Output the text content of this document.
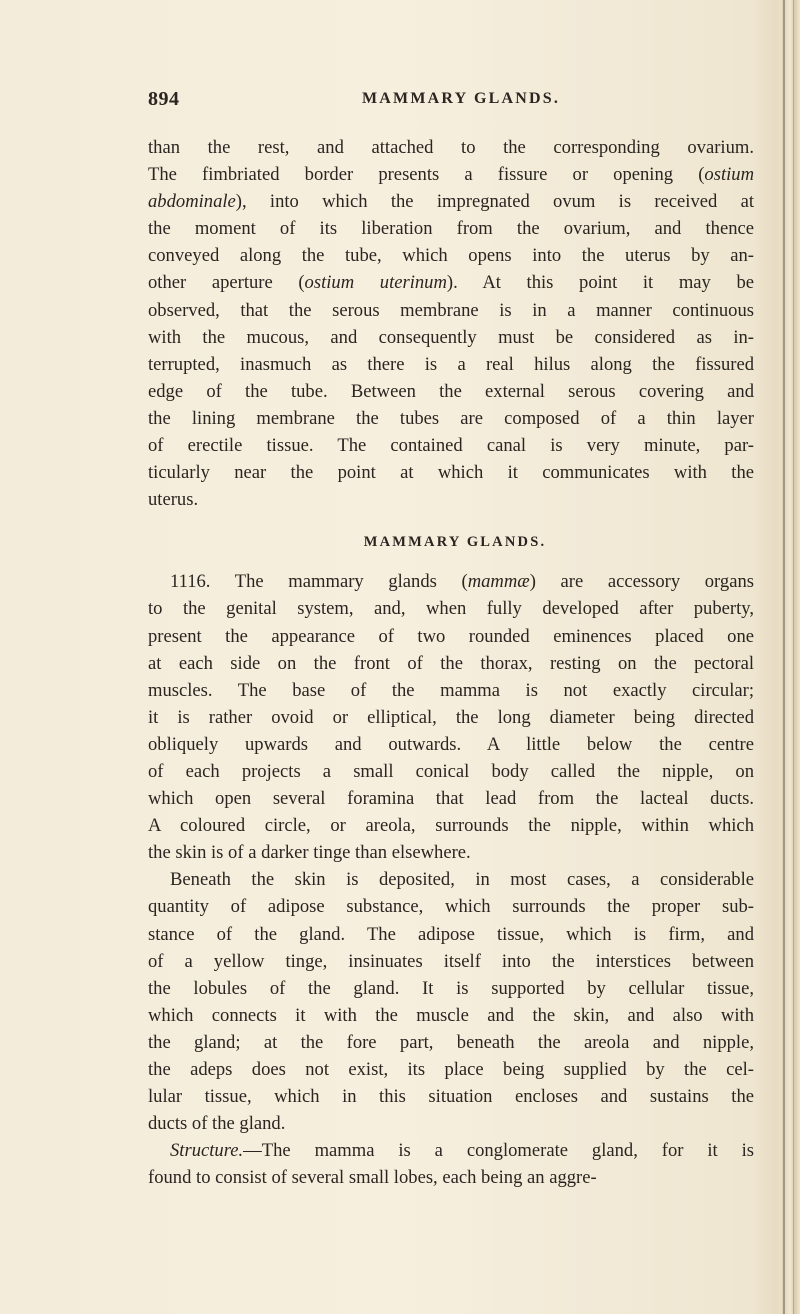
894	MAMMARY GLANDS.
than the rest, and attached to the corresponding ovarium.
The fimbriated border presents a fissure or opening (ostium
abdominale), into which the impregnated ovum is received at
the moment of its liberation from the ovarium, and thence
conveyed along the tube, which opens into the uterus by an-
other aperture (ostium uterinum). At this point it may be
observed, that the serous membrane is in a manner continuous
with the mucous, and consequently must be considered as in-
terrupted, inasmuch as there is a real hilus along the fissured
edge of the tube. Between the external serous covering and
the lining membrane the tubes are composed of a thin layer
of erectile tissue. The contained canal is very minute, par-
ticularly near the point at which it communicates with the
uterus.
MAMMARY GLANDS.
1116. The mammary glands (mammæ) are accessory organs
to the genital system, and, when fully developed after puberty,
present the appearance of two rounded eminences placed one
at each side on the front of the thorax, resting on the pectoral
muscles. The base of the mamma is not exactly circular;
it is rather ovoid or elliptical, the long diameter being directed
obliquely upwards and outwards. A little below the centre
of each projects a small conical body called the nipple, on
which open several foramina that lead from the lacteal ducts.
A coloured circle, or areola, surrounds the nipple, within which
the skin is of a darker tinge than elsewhere.
Beneath the skin is deposited, in most cases, a considerable
quantity of adipose substance, which surrounds the proper sub-
stance of the gland. The adipose tissue, which is firm, and
of a yellow tinge, insinuates itself into the interstices between
the lobules of the gland. It is supported by cellular tissue,
which connects it with the muscle and the skin, and also with
the gland; at the fore part, beneath the areola and nipple,
the adeps does not exist, its place being supplied by the cel-
lular tissue, which in this situation encloses and sustains the
ducts of the gland.
Structure.—The mamma is a conglomerate gland, for it is
found to consist of several small lobes, each being an aggre-
